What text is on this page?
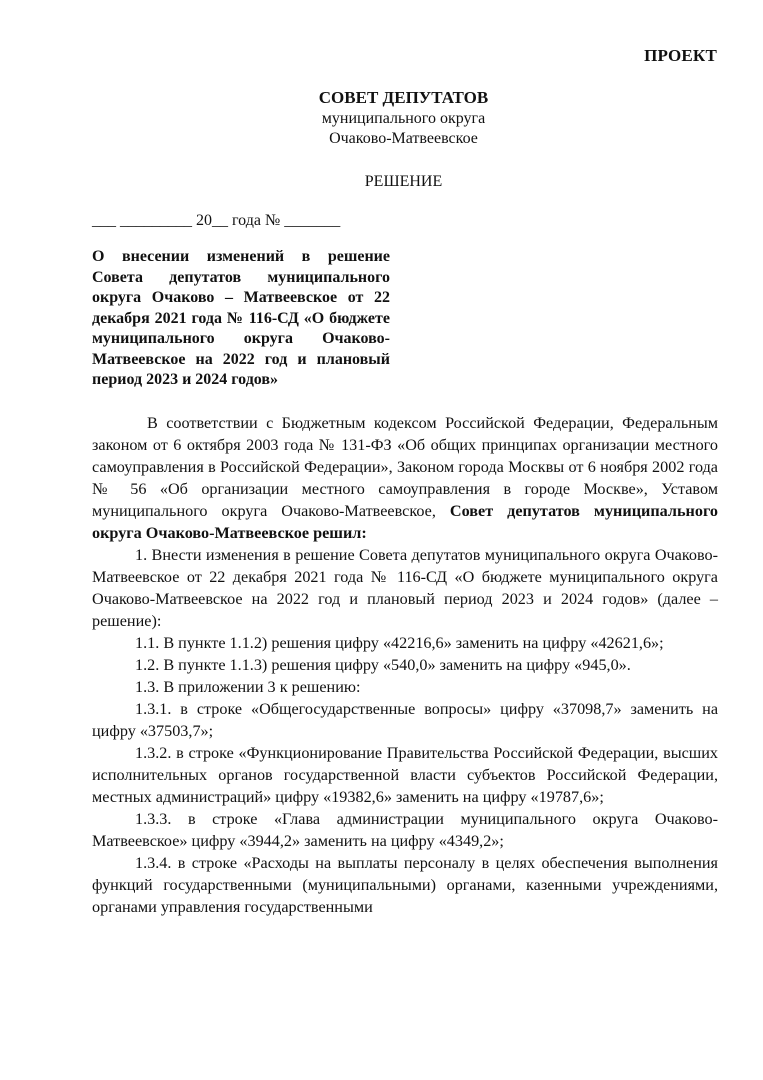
ПРОЕКТ
СОВЕТ ДЕПУТАТОВ
муниципального округа
Очаково-Матвеевское
РЕШЕНИЕ
___ _________ 20__ года № _______
О внесении изменений в решение Совета депутатов муниципального округа Очаково – Матвеевское от 22 декабря 2021 года № 116-СД «О бюджете муниципального округа Очаково-Матвеевское на 2022 год и плановый период 2023 и 2024 годов»

В соответствии с Бюджетным кодексом Российской Федерации, Федеральным законом от 6 октября 2003 года № 131-ФЗ «Об общих принципах организации местного самоуправления в Российской Федерации», Законом города Москвы от 6 ноября 2002 года № 56 «Об организации местного самоуправления в городе Москве», Уставом муниципального округа Очаково-Матвеевское, Совет депутатов муниципального округа Очаково-Матвеевское решил:

1. Внести изменения в решение Совета депутатов муниципального округа Очаково-Матвеевское от 22 декабря 2021 года № 116-СД «О бюджете муниципального округа Очаково-Матвеевское на 2022 год и плановый период 2023 и 2024 годов» (далее – решение):

1.1. В пункте 1.1.2) решения цифру «42216,6» заменить на цифру «42621,6»;

1.2. В пункте 1.1.3) решения цифру «540,0» заменить на цифру «945,0».

1.3. В приложении 3 к решению:

1.3.1. в строке «Общегосударственные вопросы» цифру «37098,7» заменить на цифру «37503,7»;

1.3.2. в строке «Функционирование Правительства Российской Федерации, высших исполнительных органов государственной власти субъектов Российской Федерации, местных администраций» цифру «19382,6» заменить на цифру «19787,6»;

1.3.3. в строке «Глава администрации муниципального округа Очаково-Матвеевское» цифру «3944,2» заменить на цифру «4349,2»;

1.3.4. в строке «Расходы на выплаты персоналу в целях обеспечения выполнения функций государственными (муниципальными) органами, казенными учреждениями, органами управления государственными
